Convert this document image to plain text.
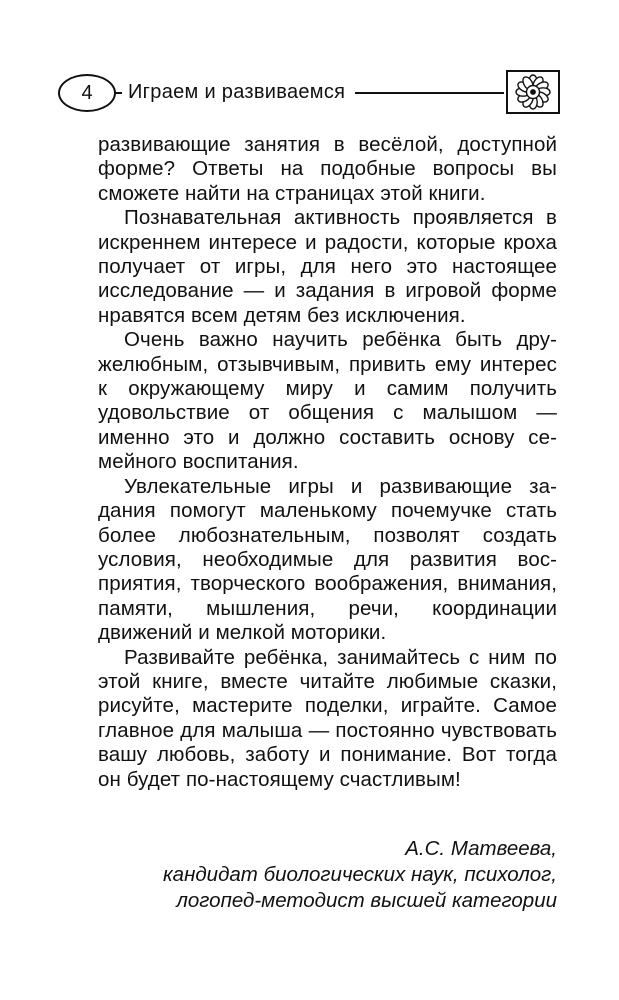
4	Играем и развиваемся

развивающие занятия в весёлой, доступной форме? Ответы на подобные вопросы вы сможете найти на страницах этой книги.

Познавательная активность проявляется в искреннем интересе и радости, которые кроха получает от игры, для него это настоящее исследование — и задания в игровой форме нравятся всем детям без исключения.

Очень важно научить ребёнка быть дружелюбным, отзывчивым, привить ему интерес к окружающему миру и самим получить удовольствие от общения с малышом — именно это и должно составить основу семейного воспитания.

Увлекательные игры и развивающие задания помогут маленькому почемучке стать более любознательным, позволят создать условия, необходимые для развития восприятия, творческого воображения, внимания, памяти, мышления, речи, координации движений и мелкой моторики.

Развивайте ребёнка, занимайтесь с ним по этой книге, вместе читайте любимые сказки, рисуйте, мастерите поделки, играйте. Самое главное для малыша — постоянно чувствовать вашу любовь, заботу и понимание. Вот тогда он будет по-настоящему счастливым!

А.С. Матвеева,
кандидат биологических наук, психолог,
логопед-методист высшей категории
